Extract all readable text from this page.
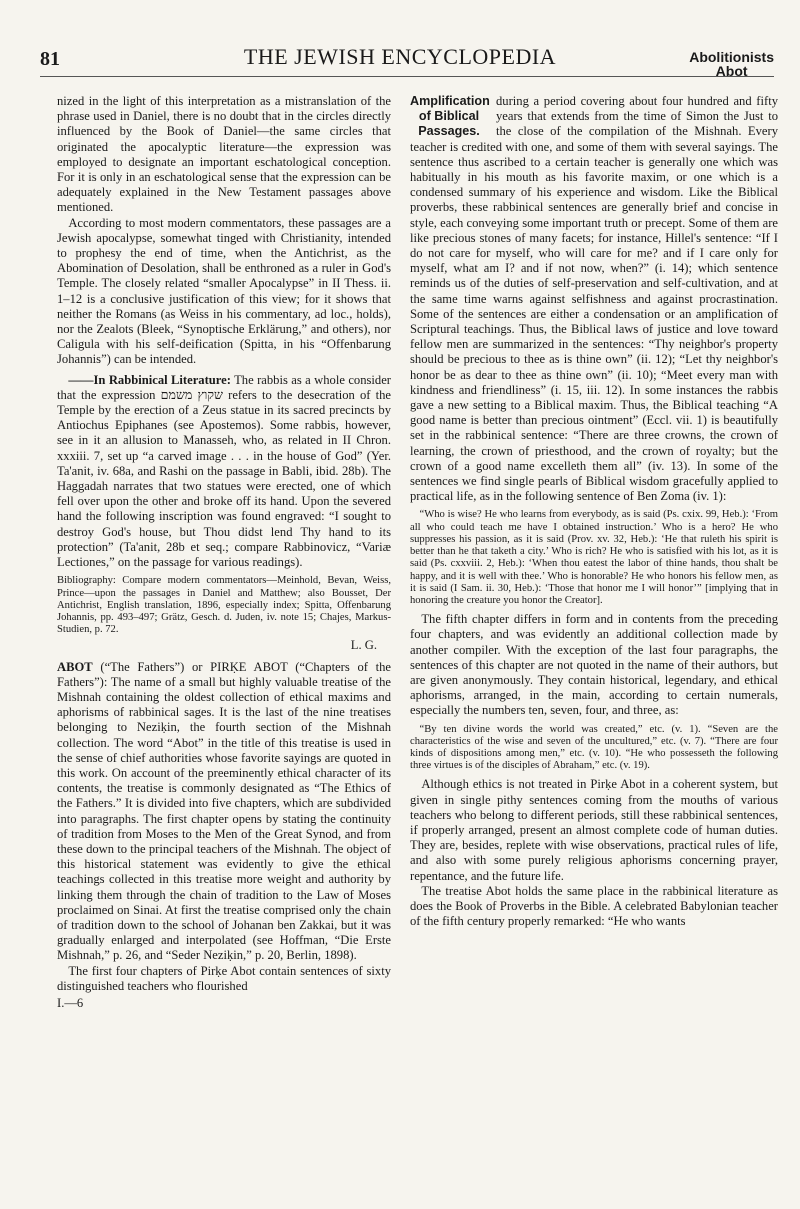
81	THE JEWISH ENCYCLOPEDIA	Abolitionists
Abot

nized in the light of this interpretation as a mistranslation of the phrase used in Daniel, there is no doubt that in the circles directly influenced by the Book of Daniel—the same circles that originated the apocalyptic literature—the expression was employed to designate an important eschatological conception. For it is only in an eschatological sense that the expression can be adequately explained in the New Testament passages above mentioned.

According to most modern commentators, these passages are a Jewish apocalypse, somewhat tinged with Christianity, intended to prophesy the end of time, when the Antichrist, as the Abomination of Desolation, shall be enthroned as a ruler in God's Temple. The closely related “smaller Apocalypse” in II Thess. ii. 1–12 is a conclusive justification of this view; for it shows that neither the Romans (as Weiss in his commentary, ad loc., holds), nor the Zealots (Bleek, “Synoptische Erklärung,” and others), nor Caligula with his self-deification (Spitta, in his “Offenbarung Johannis”) can be intended.

——In Rabbinical Literature: The rabbis as a whole consider that the expression שקוץ משמם refers to the desecration of the Temple by the erection of a Zeus statue in its sacred precincts by Antiochus Epiphanes (see Apostemos). Some rabbis, however, see in it an allusion to Manasseh, who, as related in II Chron. xxxiii. 7, set up “a carved image . . . in the house of God” (Yer. Ta'anit, iv. 68a, and Rashi on the passage in Babli, ibid. 28b). The Haggadah narrates that two statues were erected, one of which fell over upon the other and broke off its hand. Upon the severed hand the following inscription was found engraved: “I sought to destroy God's house, but Thou didst lend Thy hand to its protection” (Ta'anit, 28b et seq.; compare Rabbinovicz, “Variæ Lectiones,” on the passage for various readings).

Bibliography: Compare modern commentators—Meinhold, Bevan, Weiss, Prince—upon the passages in Daniel and Matthew; also Bousset, Der Antichrist, English translation, 1896, especially index; Spitta, Offenbarung Johannis, pp. 493–497; Grätz, Gesch. d. Juden, iv. note 15; Chajes, Markus-Studien, p. 72.

L. G.

ABOT (“The Fathers”) or PIRḲE ABOT (“Chapters of the Fathers”): The name of a small but highly valuable treatise of the Mishnah containing the oldest collection of ethical maxims and aphorisms of rabbinical sages. It is the last of the nine treatises belonging to Neziḳin, the fourth section of the Mishnah collection. The word “Abot” in the title of this treatise is used in the sense of chief authorities whose favorite sayings are quoted in this work. On account of the preeminently ethical character of its contents, the treatise is commonly designated as “The Ethics of the Fathers.” It is divided into five chapters, which are subdivided into paragraphs. The first chapter opens by stating the continuity of tradition from Moses to the Men of the Great Synod, and from these down to the principal teachers of the Mishnah. The object of this historical statement was evidently to give the ethical teachings collected in this treatise more weight and authority by linking them through the chain of tradition to the Law of Moses proclaimed on Sinai. At first the treatise comprised only the chain of tradition down to the school of Johanan ben Zakkai, but it was gradually enlarged and interpolated (see Hoffman, “Die Erste Mishnah,” p. 26, and “Seder Neziḳin,” p. 20, Berlin, 1898).

The first four chapters of Pirḳe Abot contain sentences of sixty distinguished teachers who flourished

I.—6

Amplification of Biblical Passages.
during a period covering about four hundred and fifty years that extends from the time of Simon the Just to the close of the compilation of the Mishnah. Every teacher is credited with one, and some of them with several sayings. The sentence thus ascribed to a certain teacher is generally one which was habitually in his mouth as his favorite maxim, or one which is a condensed summary of his experience and wisdom. Like the Biblical proverbs, these rabbinical sentences are generally brief and concise in style, each conveying some important truth or precept. Some of them are like precious stones of many facets; for instance, Hillel's sentence: “If I do not care for myself, who will care for me? and if I care only for myself, what am I? and if not now, when?” (i. 14); which sentence reminds us of the duties of self-preservation and self-cultivation, and at the same time warns against selfishness and against procrastination. Some of the sentences are either a condensation or an amplification of Scriptural teachings. Thus, the Biblical laws of justice and love toward fellow men are summarized in the sentences: “Thy neighbor's property should be precious to thee as is thine own” (ii. 12); “Let thy neighbor's honor be as dear to thee as thine own” (ii. 10); “Meet every man with kindness and friendliness” (i. 15, iii. 12). In some instances the rabbis gave a new setting to a Biblical maxim. Thus, the Biblical teaching “A good name is better than precious ointment” (Eccl. vii. 1) is beautifully set in the rabbinical sentence: “There are three crowns, the crown of learning, the crown of priesthood, and the crown of royalty; but the crown of a good name excelleth them all” (iv. 13). In some of the sentences we find single pearls of Biblical wisdom gracefully applied to practical life, as in the following sentence of Ben Zoma (iv. 1):

“Who is wise? He who learns from everybody, as is said (Ps. cxix. 99, Heb.): ‘From all who could teach me have I obtained instruction.’ Who is a hero? He who suppresses his passion, as it is said (Prov. xv. 32, Heb.): ‘He that ruleth his spirit is better than he that taketh a city.’ Who is rich? He who is satisfied with his lot, as it is said (Ps. cxxviii. 2, Heb.): ‘When thou eatest the labor of thine hands, thou shalt be happy, and it is well with thee.’ Who is honorable? He who honors his fellow men, as it is said (I Sam. ii. 30, Heb.): ‘Those that honor me I will honor’” [implying that in honoring the creature you honor the Creator].

The fifth chapter differs in form and in contents from the preceding four chapters, and was evidently an additional collection made by another compiler. With the exception of the last four paragraphs, the sentences of this chapter are not quoted in the name of their authors, but are given anonymously. They contain historical, legendary, and ethical aphorisms, arranged, in the main, according to certain numerals, especially the numbers ten, seven, four, and three, as:

“By ten divine words the world was created,” etc. (v. 1). “Seven are the characteristics of the wise and seven of the uncultured,” etc. (v. 7). “There are four kinds of dispositions among men,” etc. (v. 10). “He who possesseth the following three virtues is of the disciples of Abraham,” etc. (v. 19).

Although ethics is not treated in Pirḳe Abot in a coherent system, but given in single pithy sentences coming from the mouths of various teachers who belong to different periods, still these rabbinical sentences, if properly arranged, present an almost complete code of human duties. They are, besides, replete with wise observations, practical rules of life, and also with some purely religious aphorisms concerning prayer, repentance, and the future life.

The treatise Abot holds the same place in the rabbinical literature as does the Book of Proverbs in the Bible. A celebrated Babylonian teacher of the fifth century properly remarked: “He who wants
